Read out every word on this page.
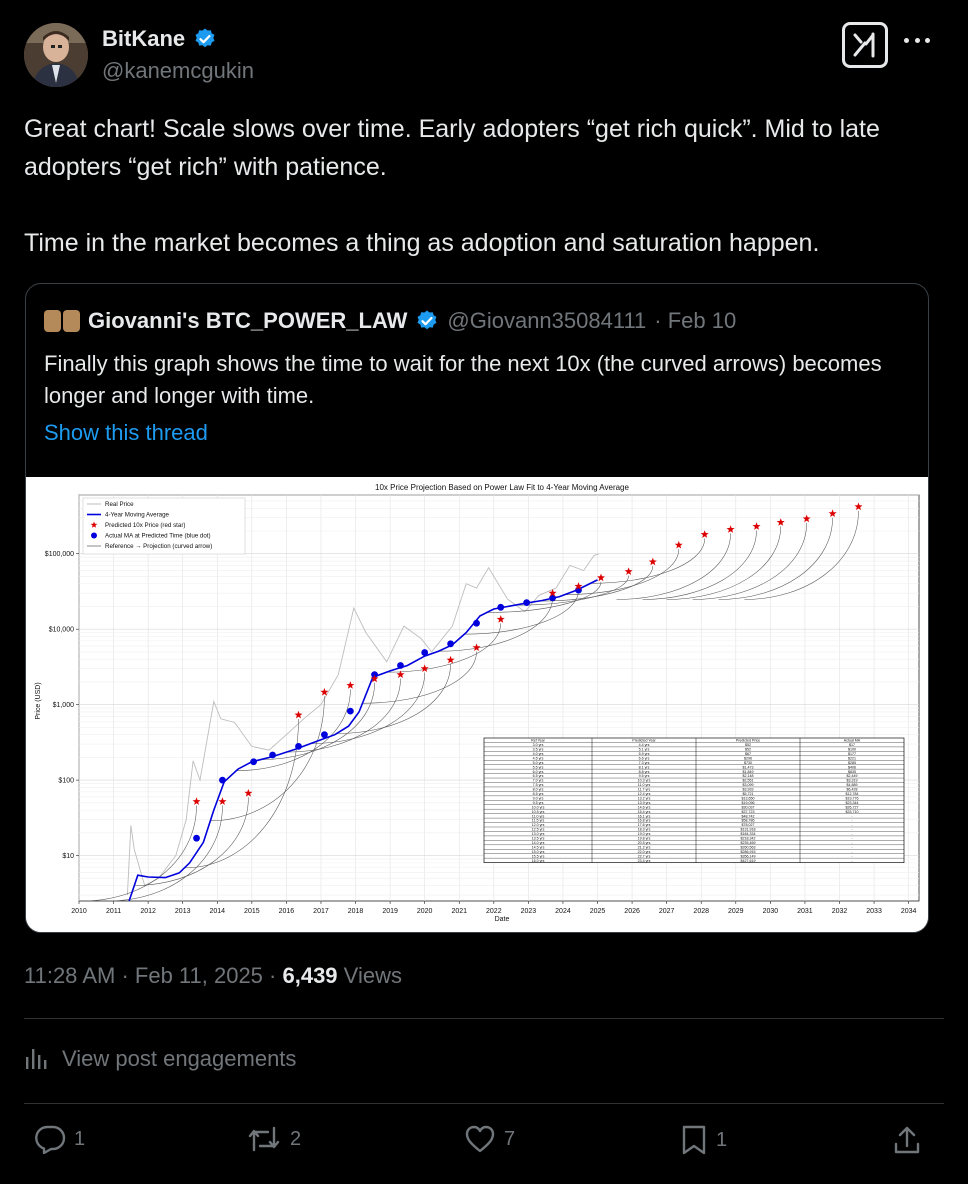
BitKane
@kanemcgukin
Great chart! Scale slows over time. Early adopters “get rich quick”. Mid to late adopters “get rich” with patience.

Time in the market becomes a thing as adoption and saturation happen.
Giovanni's BTC_POWER_LAW @Giovann35084111 · Feb 10
Finally this graph shows the time to wait for the next 10x (the curved arrows) becomes longer and longer with time.
Show this thread
10x Price Projection Based on Power Law Fit to 4-Year Moving Average
2010	2011	2012	2013	2014	2015	2016	2017	2018	2019	2020	2021	2022	2023	2024	2025	2026	2027	2028	2029	2030	2031	2032	2033	2034
$10
$100
$1,000
$10,000
$100,000
Date
Price (USD)
Real Price
4-Year Moving Average
Predicted 10x Price (red star)
Actual MA at Predicted Time (blue dot)
Reference → Projection (curved arrow)
Ref Year	Predicted Year	Predicted Price	Actual MA
3.0 yrs	4.4 yrs	$52	$17
3.5 yrs	5.1 yrs	$52	$100
4.0 yrs	5.9 yrs	$67	$177
4.5 yrs	6.6 yrs	$296	$221
5.0 yrs	7.3 yrs	$730	$285
5.5 yrs	8.1 yrs	$1,473	$406
6.0 yrs	8.8 yrs	$1,849	$835
6.5 yrs	9.5 yrs	$2,148	$2,449
7.0 yrs	10.3 yrs	$2,551	$3,319
7.5 yrs	11.0 yrs	$3,099	$4,889
8.0 yrs	11.7 yrs	$3,933	$6,428
8.5 yrs	12.4 yrs	$5,721	$12,784
9.0 yrs	13.2 yrs	$13,650	$19,776
9.5 yrs	13.9 yrs	$19,096	$23,344
10.0 yrs	14.6 yrs	$30,037	$26,727
10.5 yrs	15.4 yrs	$37,723	$33,710
11.0 yrs	16.1 yrs	$48,742	-
11.5 yrs	16.8 yrs	$58,786	-
12.0 yrs	17.6 yrs	$78,027	-
12.5 yrs	18.3 yrs	$131,918	-
13.0 yrs	19.0 yrs	$184,334	-
13.5 yrs	19.8 yrs	$218,342	-
14.0 yrs	20.5 yrs	$235,469	-
14.5 yrs	21.2 yrs	$260,563	-
15.0 yrs	22.0 yrs	$286,915	-
15.5 yrs	22.7 yrs	$356,149	-
16.0 yrs	23.4 yrs	$427,619	-
11:28 AM · Feb 11, 2025 · 6,439 Views
View post engagements
1	2	7	1
